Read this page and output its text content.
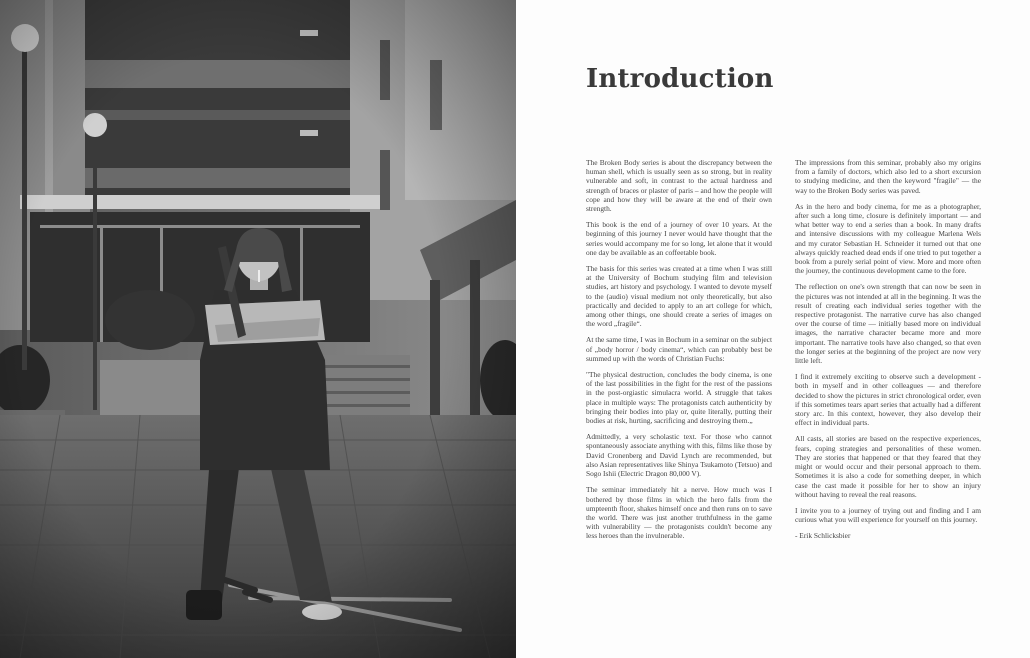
Introduction

The Broken Body series is about the discrepancy between the human shell, which is usually seen as so strong, but in reality vulnerable and soft, in contrast to the actual hardness and strength of braces or plaster of paris – and how the people will cope and how they will be aware at the end of their own strength.

This book is the end of a journey of over 10 years. At the beginning of this journey I never would have thought that the series would accompany me for so long, let alone that it would one day be available as an coffeetable book.

The basis for this series was created at a time when I was still at the University of Bochum studying film and television studies, art history and psychology. I wanted to devote myself to the (audio) visual medium not only theoretically, but also practically and decided to apply to an art college for which, among other things, one should create a series of images on the word „fragile“.

At the same time, I was in Bochum in a seminar on the subject of „body horror / body cinema“, which can probably best be summed up with the words of Christian Fuchs:

"The physical destruction, concludes the body cinema, is one of the last possibilities in the fight for the rest of the passions in the post-orgiastic simulacra world. A struggle that takes place in multiple ways: The protagonists catch authenticity by bringing their bodies into play or, quite literally, putting their bodies at risk, hurting, sacrificing and destroying them.„

Admittedly, a very scholastic text. For those who cannot spontaneously associate anything with this, films like those by David Cronenberg and David Lynch are recommended, but also Asian representatives like Shinya Tsukamoto (Tetsuo) and Sogo Ishii (Electric Dragon 80,000 V).

The seminar immediately hit a nerve. How much was I bothered by those films in which the hero falls from the umpteenth floor, shakes himself once and then runs on to save the world. There was just another truthfulness in the game with vulnerability — the protagonists couldn't become any less heroes than the invulnerable.

The impressions from this seminar, probably also my origins from a family of doctors, which also led to a short excursion to studying medicine, and then the keyword "fragile" — the way to the Broken Body series was paved.

As in the hero and body cinema, for me as a photographer, after such a long time, closure is definitely important — and what better way to end a series than a book. In many drafts and intensive discussions with my colleague Marlena Wels and my curator Sebastian H. Schneider it turned out that one always quickly reached dead ends if one tried to put together a book from a purely serial point of view. More and more often the journey, the continuous development came to the fore.

The reflection on one's own strength that can now be seen in the pictures was not intended at all in the beginning. It was the result of creating each individual series together with the respective protagonist. The narrative curve has also changed over the course of time — initially based more on individual images, the narrative character became more and more important. The narrative tools have also changed, so that even the longer series at the beginning of the project are now very little left.

I find it extremely exciting to observe such a development - both in myself and in other colleagues — and therefore decided to show the pictures in strict chronological order, even if this sometimes tears apart series that actually had a different story arc. In this context, however, they also develop their effect in individual parts.

All casts, all stories are based on the respective experiences, fears, coping strategies and personalities of these women. They are stories that happened or that they feared that they might or would occur and their personal approach to them. Sometimes it is also a code for something deeper, in which case the cast made it possible for her to show an injury without having to reveal the real reasons.

I invite you to a journey of trying out and finding and I am curious what you will experience for yourself on this journey.

- Erik Schlicksbier
